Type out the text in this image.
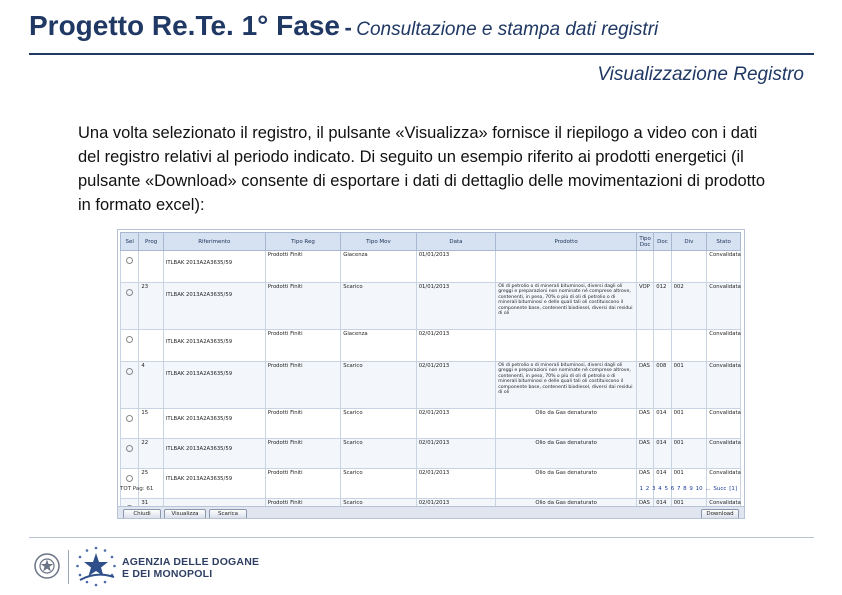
Progetto Re.Te. 1° Fase - Consultazione e stampa dati registri
Visualizzazione Registro
Una volta selezionato il registro, il pulsante «Visualizza» fornisce il riepilogo a video con i dati del registro relativi al periodo indicato. Di seguito un esempio riferito ai prodotti energetici (il pulsante «Download» consente di esportare i dati di dettaglio delle movimentazioni di prodotto in formato excel):
Sel	Prog	Riferimento	Tipo Reg	Tipo Mov	Data	Prodotto	Tipo Doc	Doc	Div	Stato
		ITLBAK 2013A2A3635/59	Prodotti Finiti	Giacenza	01/01/2013					Convalidata
	23	ITLBAK 2013A2A3635/59	Prodotti Finiti	Scarico	01/01/2013	Oli di petrolio o di minerali bituminosi, diversi dagli oli greggi e preparazioni non nominate né comprese altrove, contenenti, in peso, 70% o più di oli di petrolio o di minerali bituminosi e delle quali tali oli costituiscono il componente base, contenenti biodiesel, diversi dai residui di oli	VOP	012	002	Convalidata
		ITLBAK 2013A2A3635/59	Prodotti Finiti	Giacenza	02/01/2013					Convalidata
	4	ITLBAK 2013A2A3635/59	Prodotti Finiti	Scarico	02/01/2013	Oli di petrolio o di minerali bituminosi, diversi dagli oli greggi e preparazioni non nominate né comprese altrove, contenenti, in peso, 70% o più di oli di petrolio o di minerali bituminosi e delle quali tali oli costituiscono il componente base, contenenti biodiesel, diversi dai residui di oli	DAS	008	001	Convalidata
	15	ITLBAK 2013A2A3635/59	Prodotti Finiti	Scarico	02/01/2013	Olio da Gas denaturato	DAS	014	001	Convalidata
	22	ITLBAK 2013A2A3635/59	Prodotti Finiti	Scarico	02/01/2013	Olio da Gas denaturato	DAS	014	001	Convalidata
	25	ITLBAK 2013A2A3635/59	Prodotti Finiti	Scarico	02/01/2013	Olio da Gas denaturato	DAS	014	001	Convalidata
	31		Prodotti Finiti	Scarico	02/01/2013	Olio da Gas denaturato	DAS	014	001	Convalidata

TOT Pag: 61	1 2 3 4 5 6 7 8 9 10 ... Succ [1]
Chiudi	Visualizza	Scarica	Download
AGENZIA DELLE DOGANE
E DEI MONOPOLI
